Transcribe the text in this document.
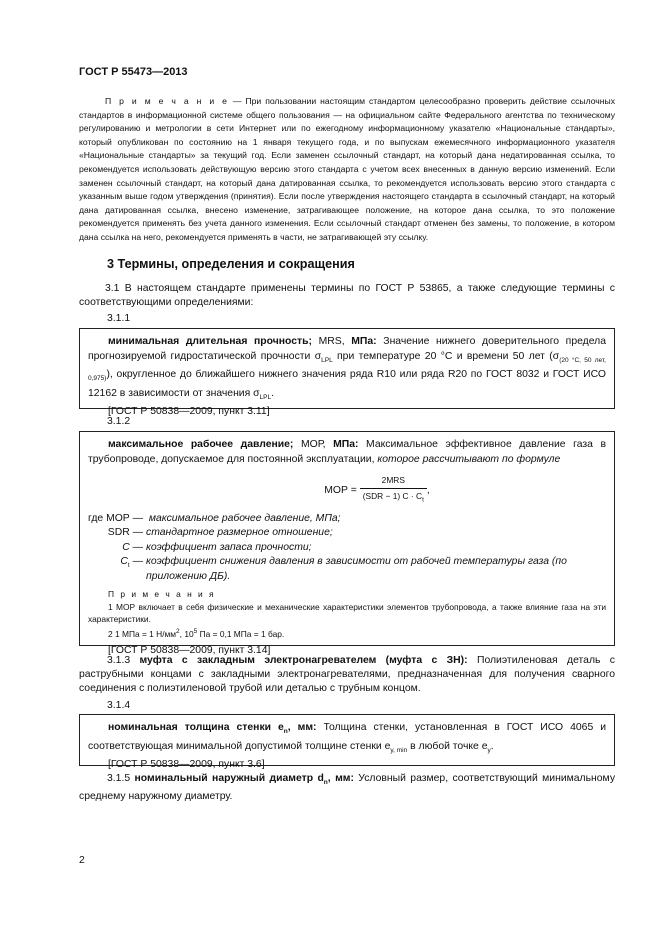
ГОСТ Р 55473—2013

П р и м е ч а н и е — При пользовании настоящим стандартом целесообразно проверить действие ссылочных стандартов в информационной системе общего пользования — на официальном сайте Федерального агентства по техническому регулированию и метрологии в сети Интернет или по ежегодному информационному указателю «Национальные стандарты», который опубликован по состоянию на 1 января текущего года, и по выпускам ежемесячного информационного указателя «Национальные стандарты» за текущий год. Если заменен ссылочный стандарт, на который дана недатированная ссылка, то рекомендуется использовать действующую версию этого стандарта с учетом всех внесенных в данную версию изменений. Если заменен ссылочный стандарт, на который дана датированная ссылка, то рекомендуется использовать версию этого стандарта с указанным выше годом утверждения (принятия). Если после утверждения настоящего стандарта в ссылочный стандарт, на который дана датированная ссылка, внесено изменение, затрагивающее положение, на которое дана ссылка, то это положение рекомендуется применять без учета данного изменения. Если ссылочный стандарт отменен без замены, то положение, в котором дана ссылка на него, рекомендуется применять в части, не затрагивающей эту ссылку.

3 Термины, определения и сокращения

3.1 В настоящем стандарте применены термины по ГОСТ Р 53865, а также следующие термины с соответствующими определениями:

3.1.1

минимальная длительная прочность; MRS, МПа: Значение нижнего доверительного предела прогнозируемой гидростатической прочности $\sigma_{LPL}$ при температуре 20 °С и времени 50 лет $(\sigma_{(20 ^\circ С, 50 лет, 0,975)})$, округленное до ближайшего нижнего значения ряда R10 или ряда R20 по ГОСТ 8032 и ГОСТ ИСО 12162 в зависимости от значения $\sigma_{LPL}$.

[ГОСТ Р 50838—2009, пункт 3.11]

3.1.2

максимальное рабочее давление; МОР, МПа: Максимальное эффективное давление газа в трубопроводе, допускаемое для постоянной эксплуатации, которое рассчитывают по формуле

МОР = $\frac{\text{2MRS}}{(SDR - 1) C \cdot C_t}$ ,
где МОР — максимальное рабочее давление, МПа;
SDR — стандартное размерное отношение;
C — коэффициент запаса прочности;
$C_t$ — коэффициент снижения давления в зависимости от рабочей температуры газа (по приложению ДБ).

П р и м е ч а н и я

1 МОР включает в себя физические и механические характеристики элементов трубопровода, а также влияние газа на эти характеристики.

2 1 МПа = 1 $Н/мм^2$, $10^5$ Па = 0,1 МПа = 1 бар.

[ГОСТ Р 50838—2009, пункт 3.14]

3.1.3 муфта с закладным электронагревателем (муфта с ЗН): Полиэтиленовая деталь с раструбными концами с закладными электронагревателями, предназначенная для получения сварного соединения с полиэтиленовой трубой или деталью с трубным концом.

3.1.4

номинальная толщина стенки $e_n$, мм: Толщина стенки, установленная в ГОСТ ИСО 4065 и соответствующая минимальной допустимой толщине стенки $e_{y, min}$ в любой точке $e_y$.

[ГОСТ Р 50838—2009, пункт 3.6]

3.1.5 номинальный наружный диаметр $d_n$, мм: Условный размер, соответствующий минимальному среднему наружному диаметру.

2
